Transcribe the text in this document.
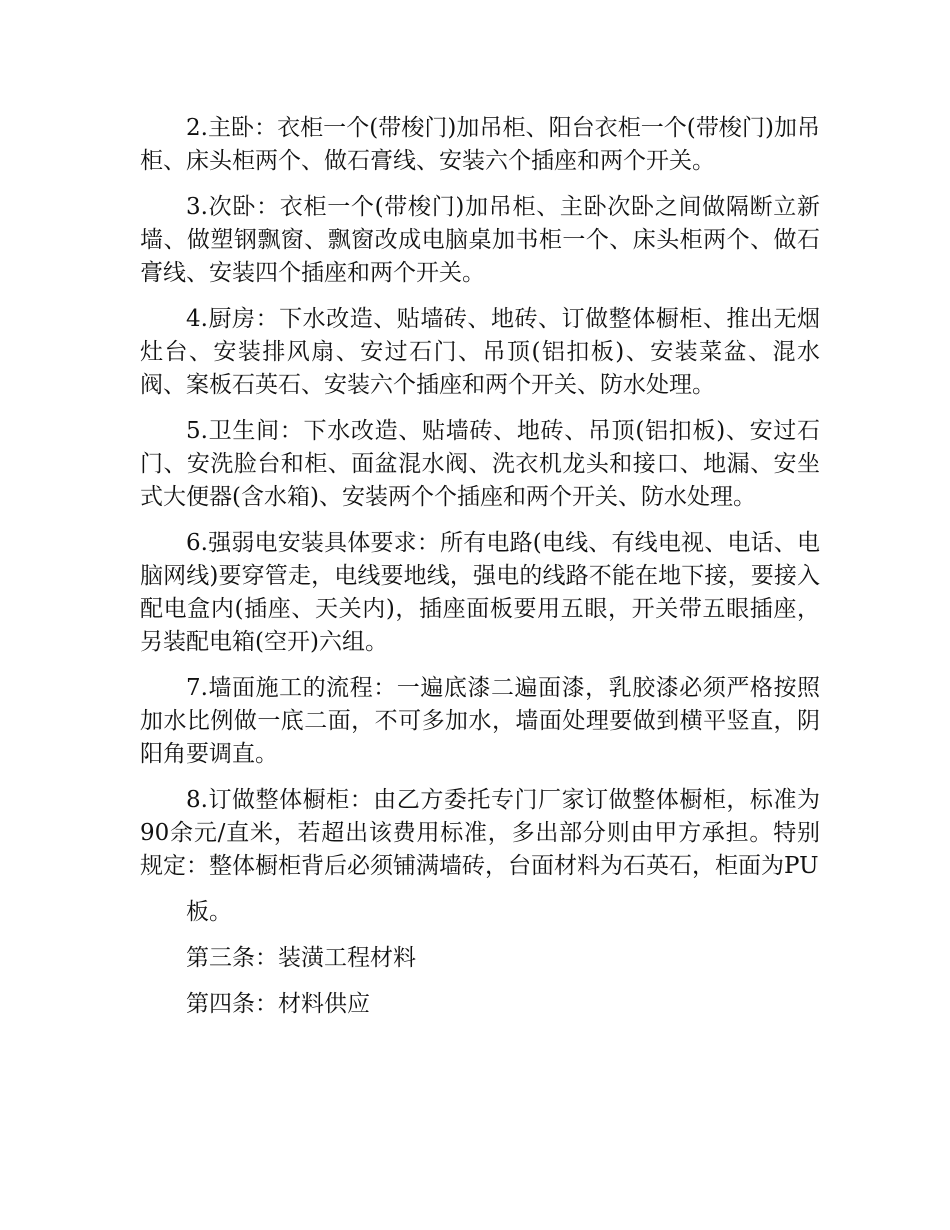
2.主卧：衣柜一个(带梭门)加吊柜、阳台衣柜一个(带梭门)加吊柜、床头柜两个、做石膏线、安装六个插座和两个开关。

3.次卧：衣柜一个(带梭门)加吊柜、主卧次卧之间做隔断立新墙、做塑钢飘窗、飘窗改成电脑桌加书柜一个、床头柜两个、做石膏线、安装四个插座和两个开关。

4.厨房：下水改造、贴墙砖、地砖、订做整体橱柜、推出无烟灶台、安装排风扇、安过石门、吊顶(铝扣板)、安装菜盆、混水阀、案板石英石、安装六个插座和两个开关、防水处理。

5.卫生间：下水改造、贴墙砖、地砖、吊顶(铝扣板)、安过石门、安洗脸台和柜、面盆混水阀、洗衣机龙头和接口、地漏、安坐式大便器(含水箱)、安装两个个插座和两个开关、防水处理。

6.强弱电安装具体要求：所有电路(电线、有线电视、电话、电脑网线)要穿管走，电线要地线，强电的线路不能在地下接，要接入配电盒内(插座、天关内)，插座面板要用五眼，开关带五眼插座，另装配电箱(空开)六组。

7.墙面施工的流程：一遍底漆二遍面漆，乳胶漆必须严格按照加水比例做一底二面，不可多加水，墙面处理要做到横平竖直，阴阳角要调直。

8.订做整体橱柜：由乙方委托专门厂家订做整体橱柜，标准为90余元/直米，若超出该费用标准，多出部分则由甲方承担。特别规定：整体橱柜背后必须铺满墙砖，台面材料为石英石，柜面为PU

板。

第三条：装潢工程材料

第四条：材料供应
